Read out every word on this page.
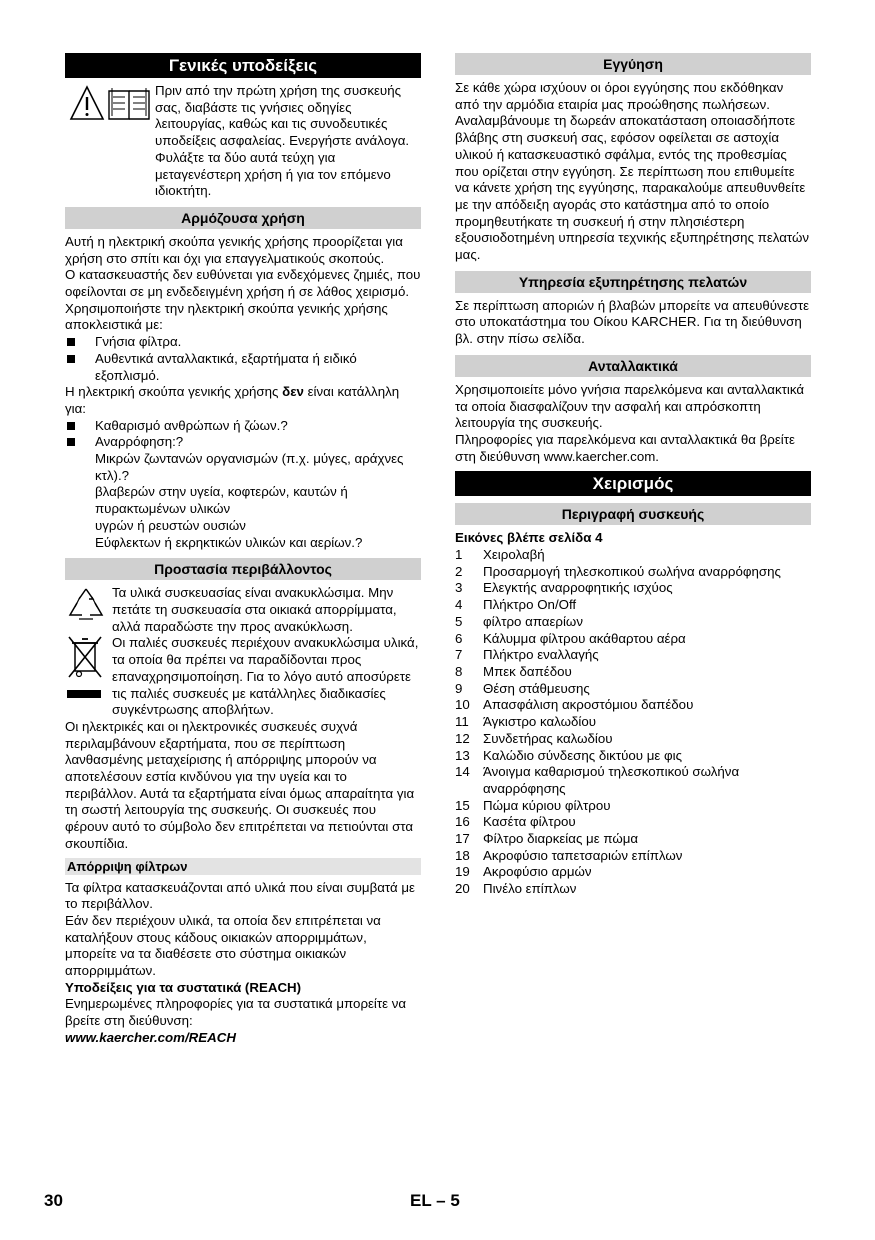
Γενικές υποδείξεις

Πριν από την πρώτη χρήση της συσκευής σας, διαβάστε τις γνήσιες οδηγίες λειτουργίας, καθώς και τις συνοδευτικές υποδείξεις ασφαλείας. Ενεργήστε ανάλογα. Φυλάξτε τα δύο αυτά τεύχη για μεταγενέστερη χρήση ή για τον επόμενο ιδιοκτήτη.

Αρμόζουσα χρήση

Αυτή η ηλεκτρική σκούπα γενικής χρήσης προορίζεται για χρήση στο σπίτι και όχι για επαγγελματικούς σκοπούς.

Ο κατασκευαστής δεν ευθύνεται για ενδεχόμενες ζημιές, που οφείλονται σε μη ενδεδειγμένη χρήση ή σε λάθος χειρισμό.

Χρησιμοποιήστε την ηλεκτρική σκούπα γενικής χρήσης αποκλειστικά με:

Γνήσια φίλτρα.

Αυθεντικά ανταλλακτικά, εξαρτήματα ή ειδικό εξοπλισμό.

Η ηλεκτρική σκούπα γενικής χρήσης δεν είναι κατάλληλη για:

Καθαρισμό ανθρώπων ή ζώων.?

Αναρρόφηση:?

Μικρών ζωντανών οργανισμών (π.χ. μύγες, αράχνες κτλ).?

βλαβερών στην υγεία, κοφτερών, καυτών ή πυρακτωμένων υλικών

υγρών ή ρευστών ουσιών

Εύφλεκτων ή εκρηκτικών υλικών και αερίων.?

Προστασία περιβάλλοντος

Τα υλικά συσκευασίας είναι ανακυκλώσιμα. Μην πετάτε τη συσκευασία στα οικιακά απορρίμματα, αλλά παραδώστε την προς ανακύκλωση.

Οι παλιές συσκευές περιέχουν ανακυκλώσιμα υλικά, τα οποία θα πρέπει να παραδίδονται προς επαναχρησιμοποίηση. Για το λόγο αυτό αποσύρετε τις παλιές συσκευές με κατάλληλες διαδικασίες συγκέντρωσης αποβλήτων.

Οι ηλεκτρικές και οι ηλεκτρονικές συσκευές συχνά περιλαμβάνουν εξαρτήματα, που σε περίπτωση λανθασμένης μεταχείρισης ή απόρριψης μπορούν να αποτελέσουν εστία κινδύνου για την υγεία και το περιβάλλον. Αυτά τα εξαρτήματα είναι όμως απαραίτητα για τη σωστή λειτουργία της συσκευής. Οι συσκευές που φέρουν αυτό το σύμβολο δεν επιτρέπεται να πετιούνται στα σκουπίδια.

Απόρριψη φίλτρων

Τα φίλτρα κατασκευάζονται από υλικά που είναι συμβατά με το περιβάλλον.

Εάν δεν περιέχουν υλικά, τα οποία δεν επιτρέπεται να καταλήξουν στους κάδους οικιακών απορριμμάτων, μπορείτε να τα διαθέσετε στο σύστημα οικιακών απορριμμάτων.

Υποδείξεις για τα συστατικά (REACH)

Ενημερωμένες πληροφορίες για τα συστατικά μπορείτε να βρείτε στη διεύθυνση:

www.kaercher.com/REACH

Εγγύηση

Σε κάθε χώρα ισχύουν οι όροι εγγύησης που εκδόθηκαν από την αρμόδια εταιρία μας προώθησης πωλήσεων. Αναλαμβάνουμε τη δωρεάν αποκατάσταση οποιασδήποτε βλάβης στη συσκευή σας, εφόσον οφείλεται σε αστοχία υλικού ή κατασκευαστικό σφάλμα, εντός της προθεσμίας που ορίζεται στην εγγύηση. Σε περίπτωση που επιθυμείτε να κάνετε χρήση της εγγύησης, παρακαλούμε απευθυνθείτε με την απόδειξη αγοράς στο κατάστημα από το οποίο προμηθευτήκατε τη συσκευή ή στην πλησιέστερη εξουσιοδοτημένη υπηρεσία τεχνικής εξυπηρέτησης πελατών μας.

Υπηρεσία εξυπηρέτησης πελατών

Σε περίπτωση αποριών ή βλαβών μπορείτε να απευθύνεστε στο υποκατάστημα του Οίκου KARCHER. Για τη διεύθυνση βλ. στην πίσω σελίδα.

Ανταλλακτικά

Χρησιμοποιείτε μόνο γνήσια παρελκόμενα και ανταλλακτικά τα οποία διασφαλίζουν την ασφαλή και απρόσκοπτη λειτουργία της συσκευής.

Πληροφορίες για παρελκόμενα και ανταλλακτικά θα βρείτε στη διεύθυνση www.kaercher.com.

Χειρισμός
Περιγραφή συσκευής

Εικόνες βλέπε σελίδα 4

1 Χειρολαβή
2 Προσαρμογή τηλεσκοπικού σωλήνα αναρρόφησης
3 Ελεγκτής αναρροφητικής ισχύος
4 Πλήκτρο On/Off
5 φίλτρο απαερίων
6 Κάλυμμα φίλτρου ακάθαρτου αέρα
7 Πλήκτρο εναλλαγής
8 Μπεκ δαπέδου
9 Θέση στάθμευσης
10 Απασφάλιση ακροστόμιου δαπέδου
11 Άγκιστρο καλωδίου
12 Συνδετήρας καλωδίου
13 Καλώδιο σύνδεσης δικτύου με φις
14 Άνοιγμα καθαρισμού τηλεσκοπικού σωλήνα αναρρόφησης
15 Πώμα κύριου φίλτρου
16 Κασέτα φίλτρου
17 Φίλτρο διαρκείας με πώμα
18 Ακροφύσιο ταπετσαριών επίπλων
19 Ακροφύσιο αρμών
20 Πινέλο επίπλων
30	EL – 5
